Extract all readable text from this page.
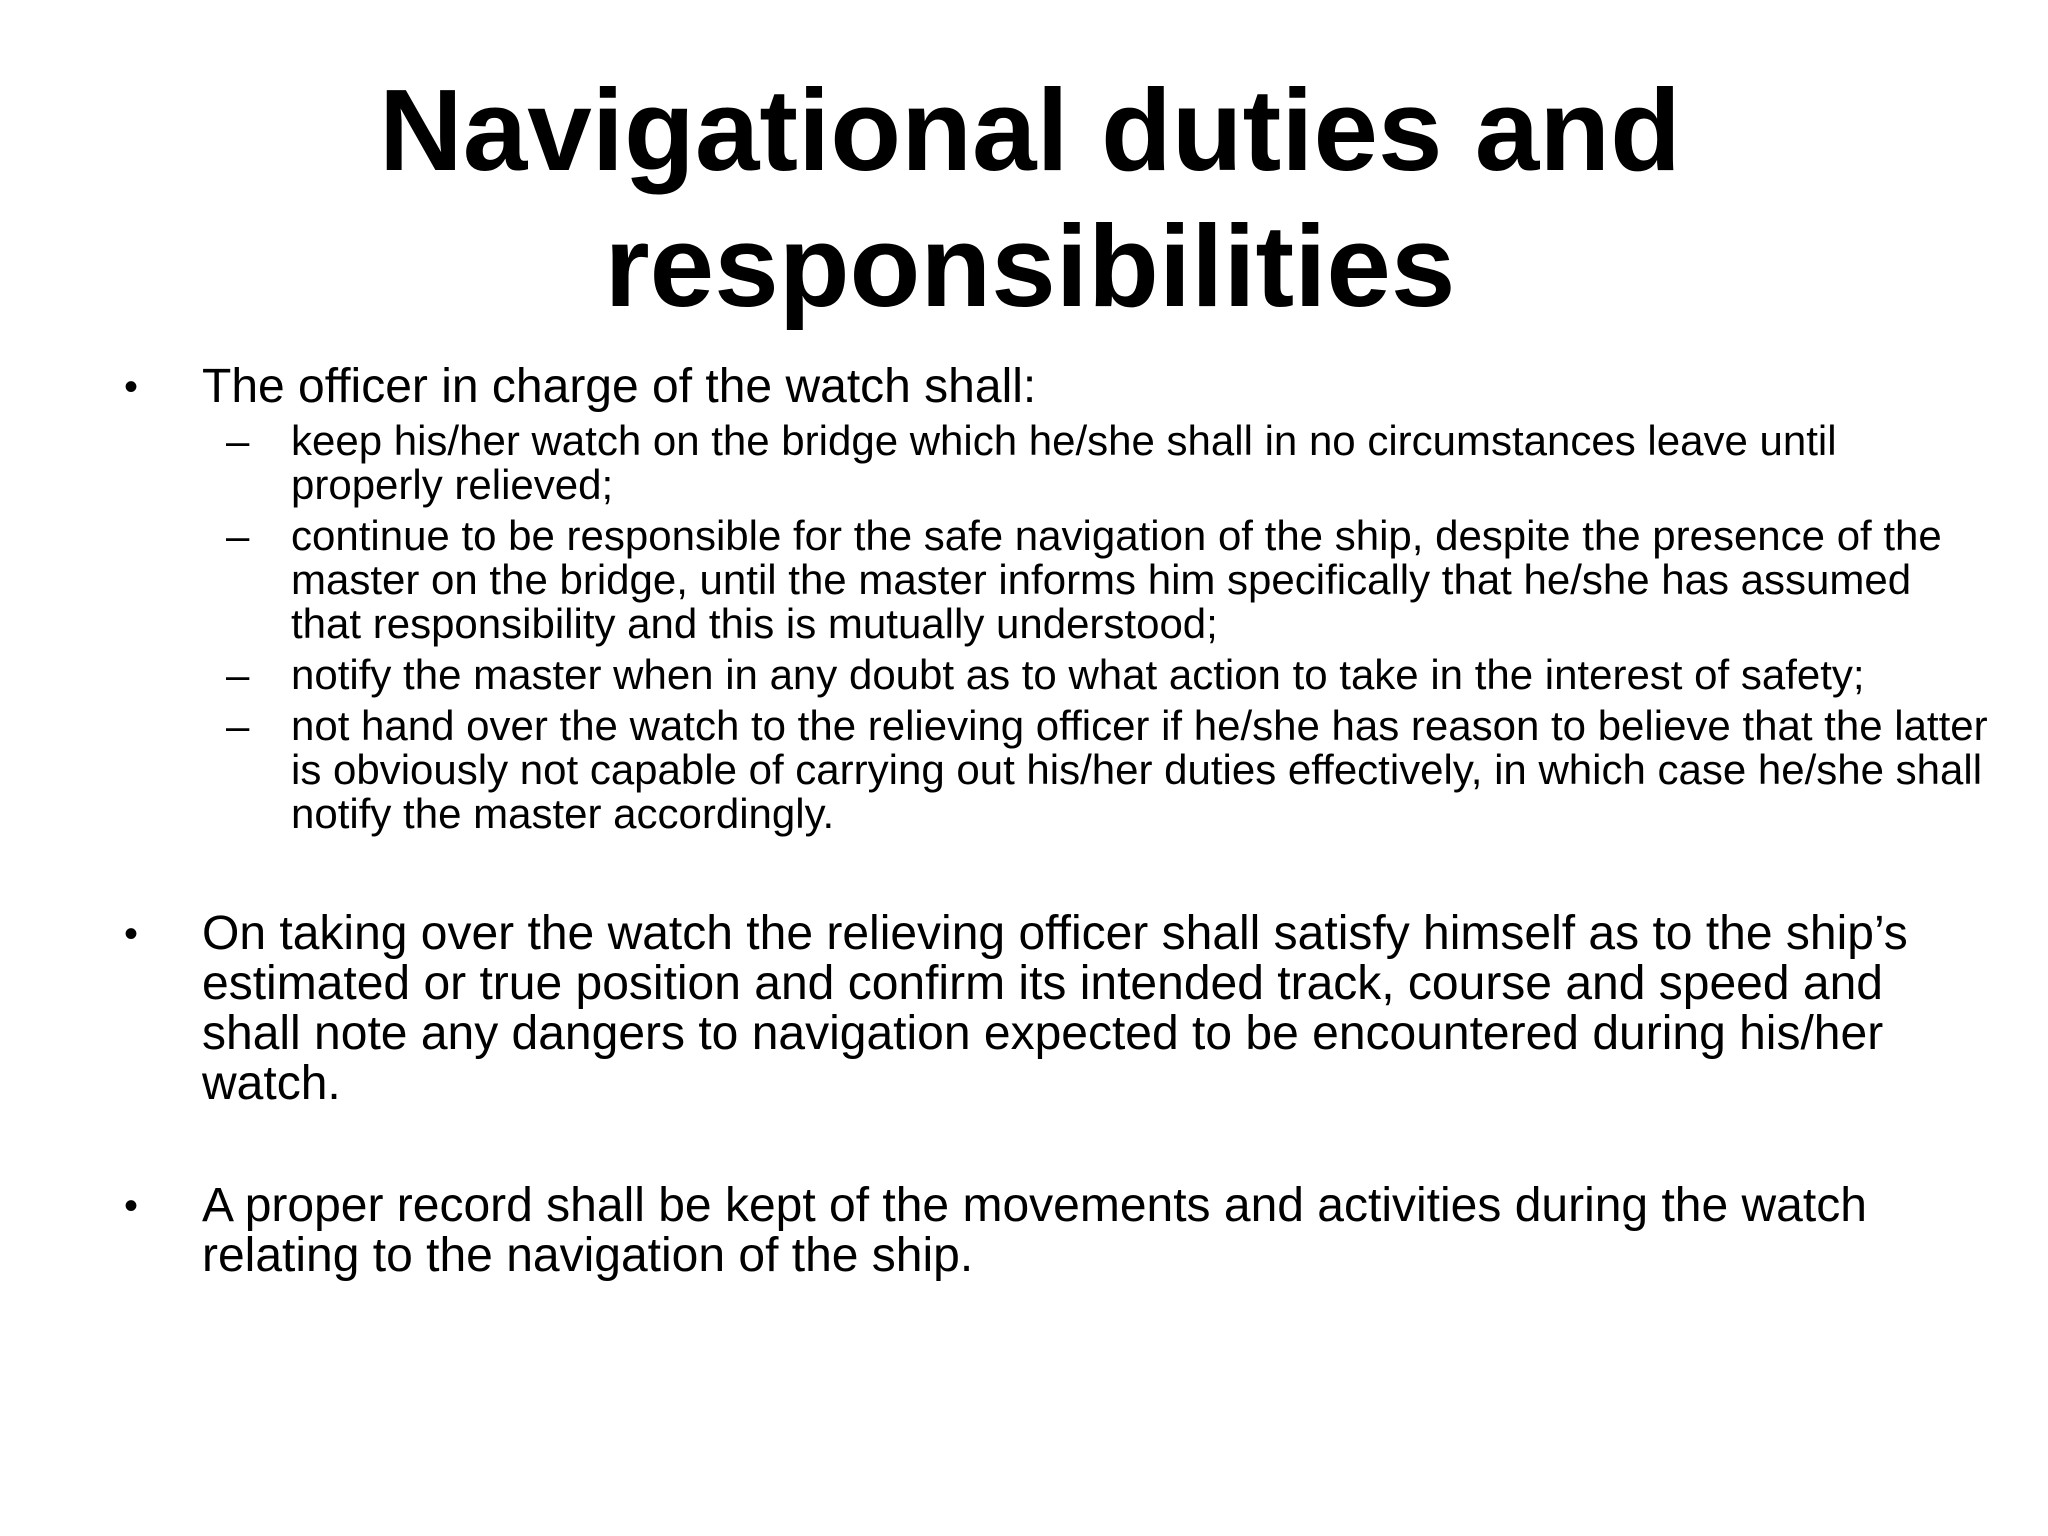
Navigational duties and
responsibilities
• The officer in charge of the watch shall:
– keep his/her watch on the bridge which he/she shall in no circumstances leave until properly relieved;
– continue to be responsible for the safe navigation of the ship, despite the presence of the master on the bridge, until the master informs him specifically that he/she has assumed that responsibility and this is mutually understood;
– notify the master when in any doubt as to what action to take in the interest of safety;
– not hand over the watch to the relieving officer if he/she has reason to believe that the latter is obviously not capable of carrying out his/her duties effectively, in which case he/she shall notify the master accordingly.
• On taking over the watch the relieving officer shall satisfy himself as to the ship’s estimated or true position and confirm its intended track, course and speed and shall note any dangers to navigation expected to be encountered during his/her watch.
• A proper record shall be kept of the movements and activities during the watch relating to the navigation of the ship.
